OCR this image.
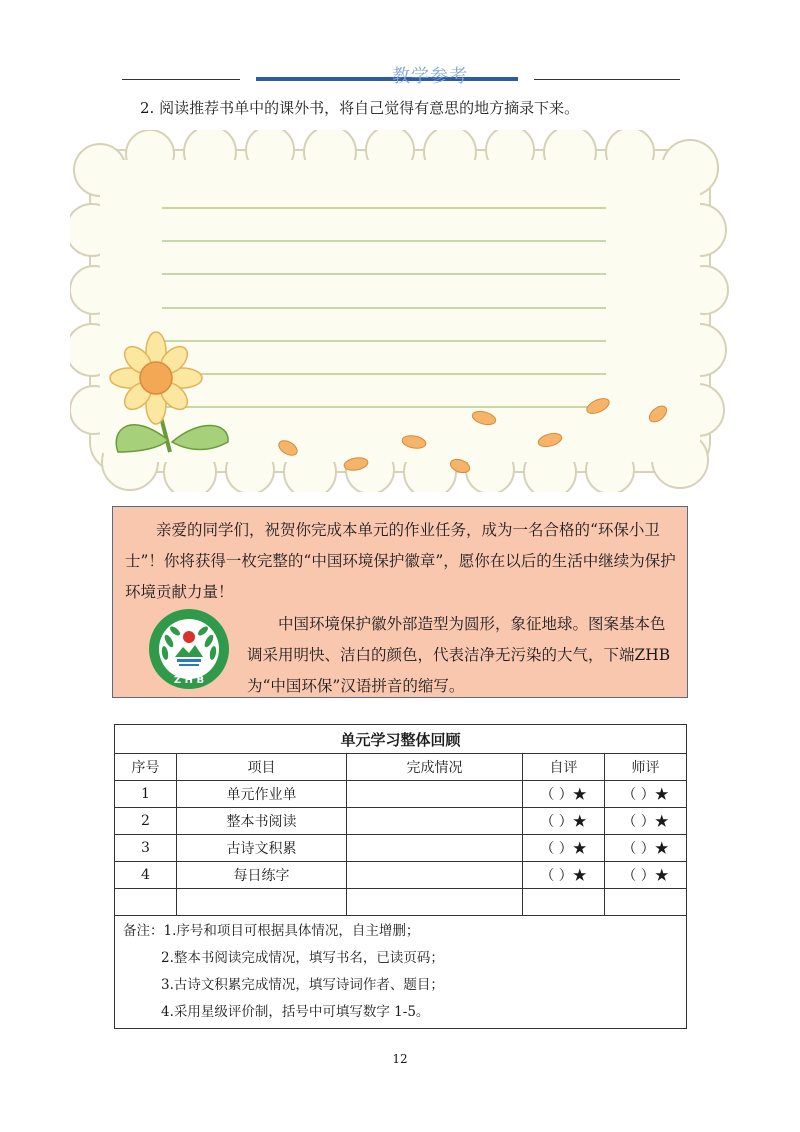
教学参考
2. 阅读推荐书单中的课外书，将自己觉得有意思的地方摘录下来。

亲爱的同学们，祝贺你完成本单元的作业任务，成为一名合格的“环保小卫士”！你将获得一枚完整的“中国环境保护徽章”，愿你在以后的生活中继续为保护环境贡献力量！

Z H B

中国环境保护徽外部造型为圆形，象征地球。图案基本色调采用明快、洁白的颜色，代表洁净无污染的大气，下端ZHB为“中国环保”汉语拼音的缩写。

单元学习整体回顾				
序号	项目	完成情况	自评	师评
1	单元作业单		（ ）★	（ ）★
2	整本书阅读		（ ）★	（ ）★
3	古诗文积累		（ ）★	（ ）★
4	每日练字		（ ）★	（ ）★

备注：1.序号和项目可根据具体情况，自主增删；
2.整本书阅读完成情况，填写书名，已读页码；
3.古诗文积累完成情况，填写诗词作者、题目；
4.采用星级评价制，括号中可填写数字 1-5。				
12
